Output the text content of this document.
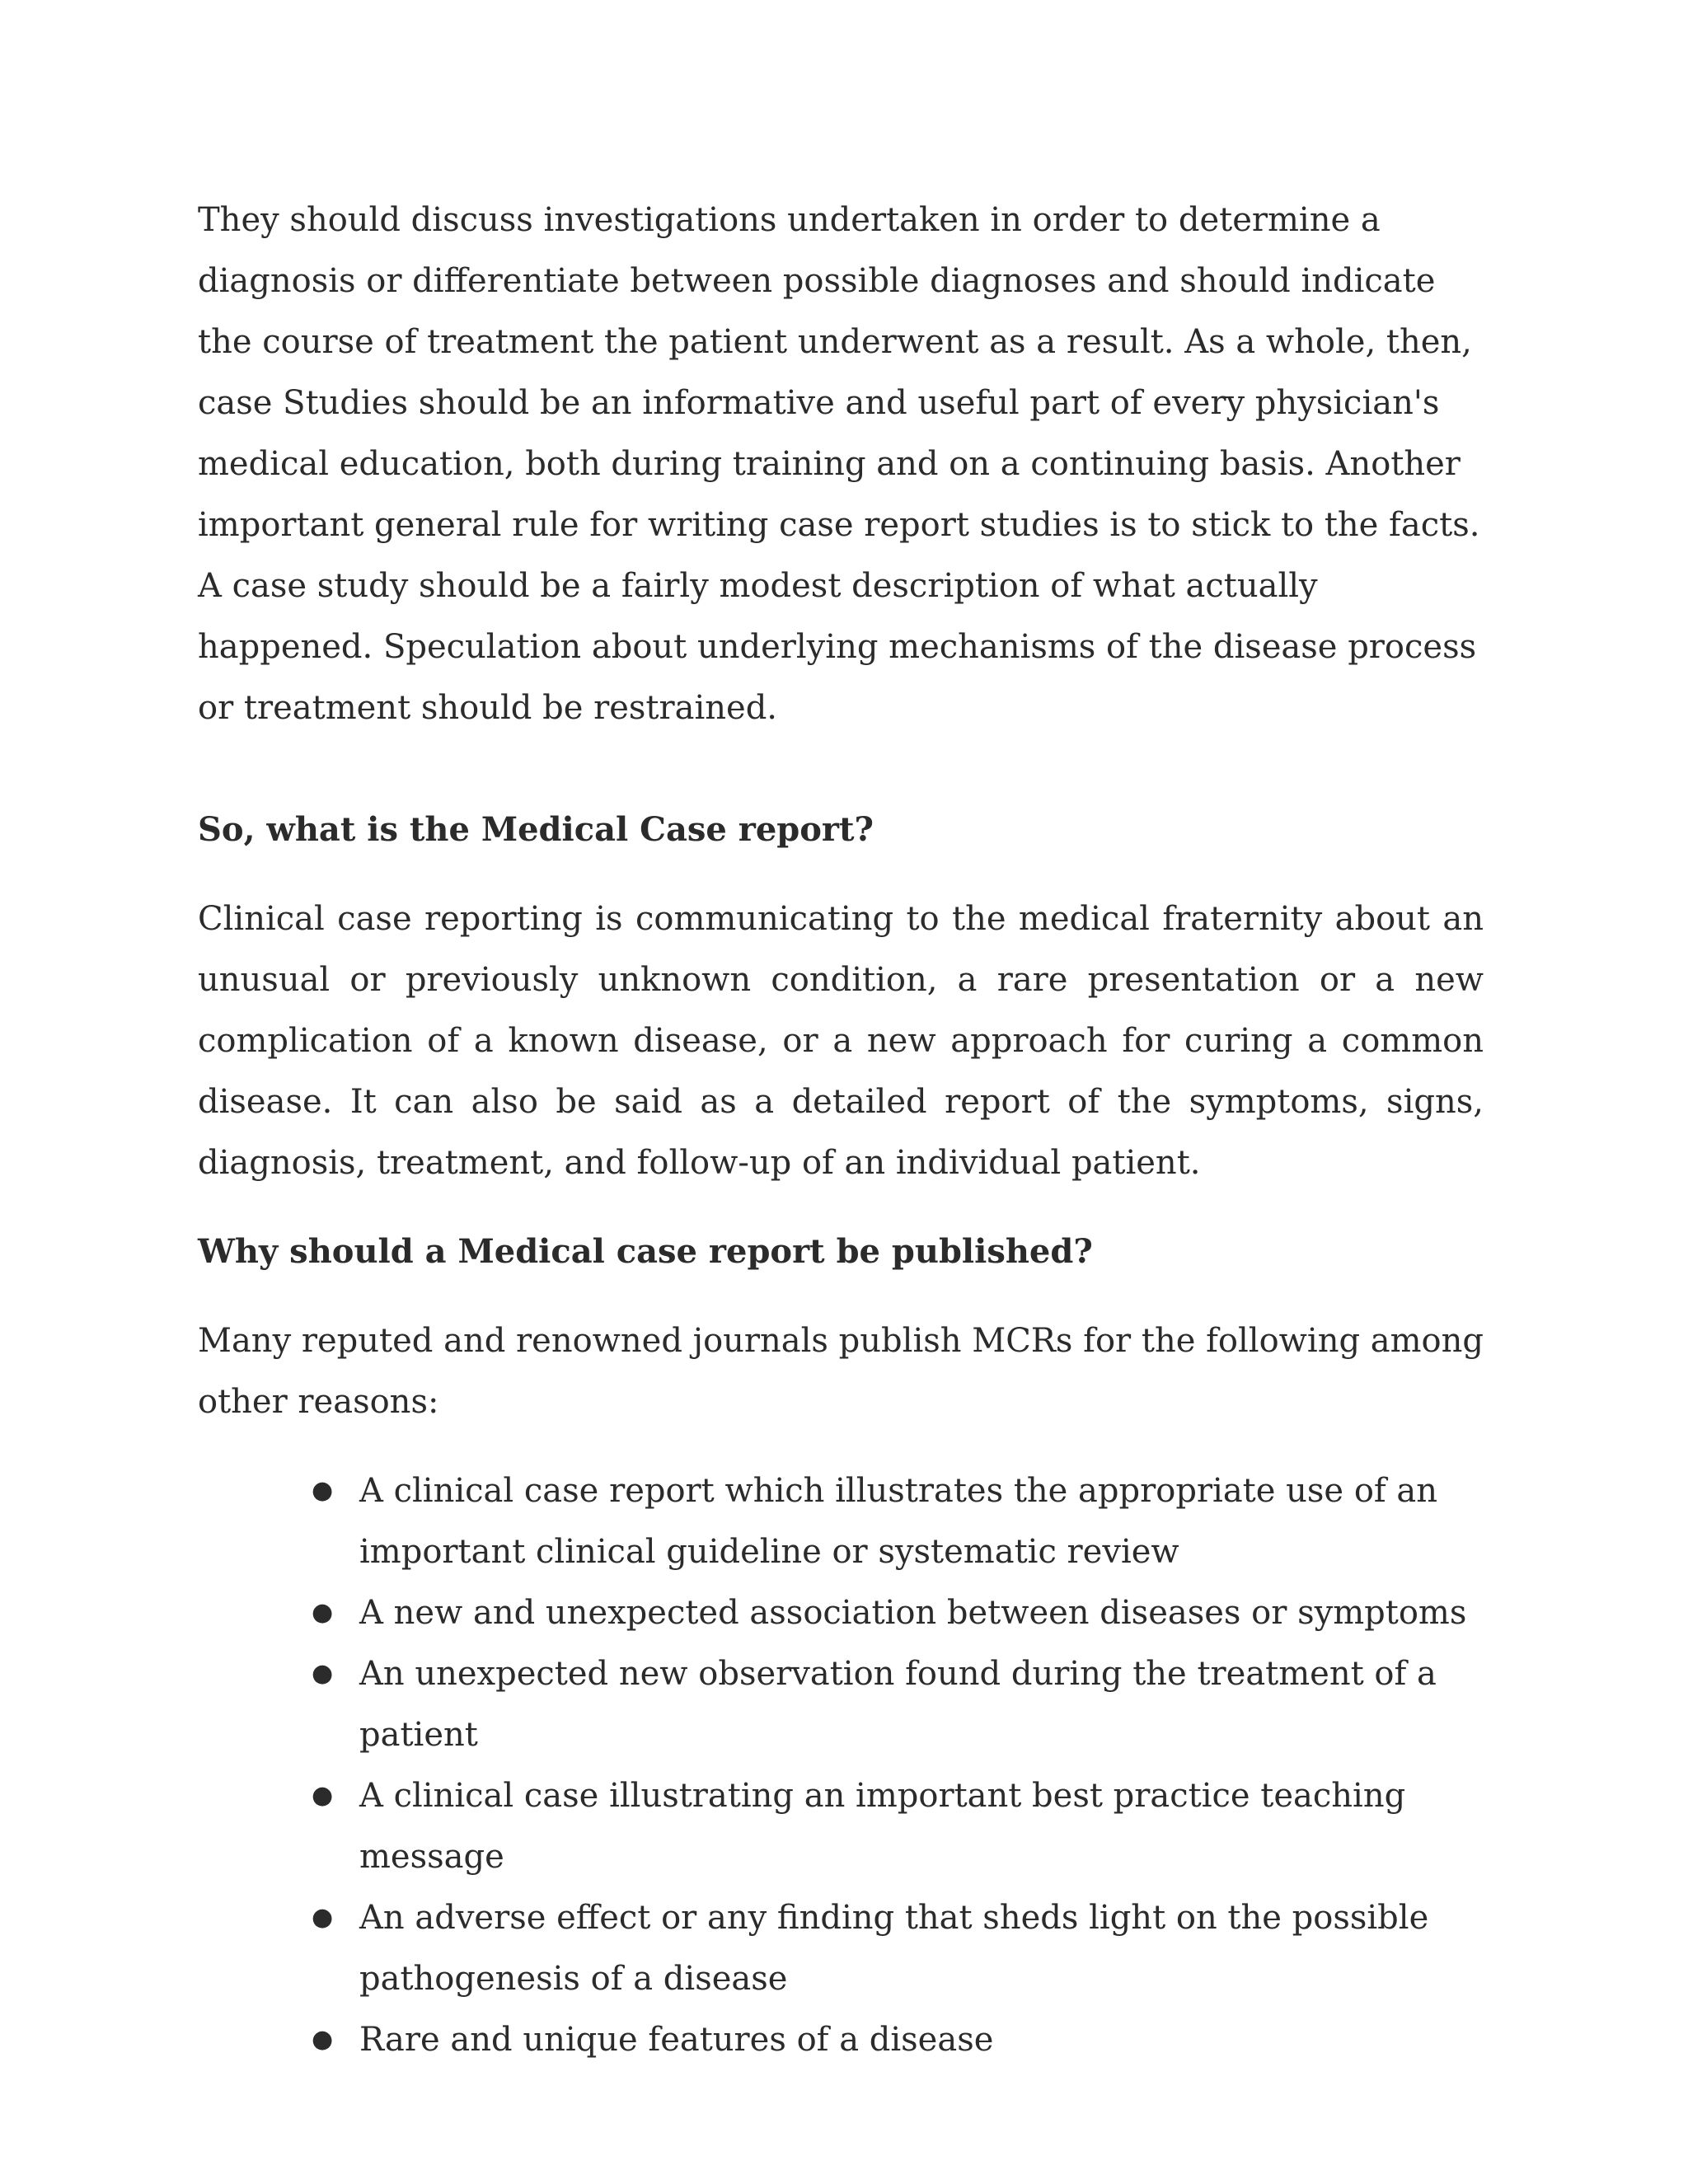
They should discuss investigations undertaken in order to determine a diagnosis or differentiate between possible diagnoses and should indicate the course of treatment the patient underwent as a result. As a whole, then, case Studies should be an informative and useful part of every physician's medical education, both during training and on a continuing basis. Another important general rule for writing case report studies is to stick to the facts. A case study should be a fairly modest description of what actually happened. Speculation about underlying mechanisms of the disease process or treatment should be restrained.

So, what is the Medical Case report?

Clinical case reporting is communicating to the medical fraternity about an unusual or previously unknown condition, a rare presentation or a new complication of a known disease, or a new approach for curing a common disease. It can also be said as a detailed report of the symptoms, signs, diagnosis, treatment, and follow-up of an individual patient.

Why should a Medical case report be published?

Many reputed and renowned journals publish MCRs for the following among other reasons:

● A clinical case report which illustrates the appropriate use of an important clinical guideline or systematic review
● A new and unexpected association between diseases or symptoms
● An unexpected new observation found during the treatment of a patient
● A clinical case illustrating an important best practice teaching message
● An adverse effect or any finding that sheds light on the possible pathogenesis of a disease
● Rare and unique features of a disease
